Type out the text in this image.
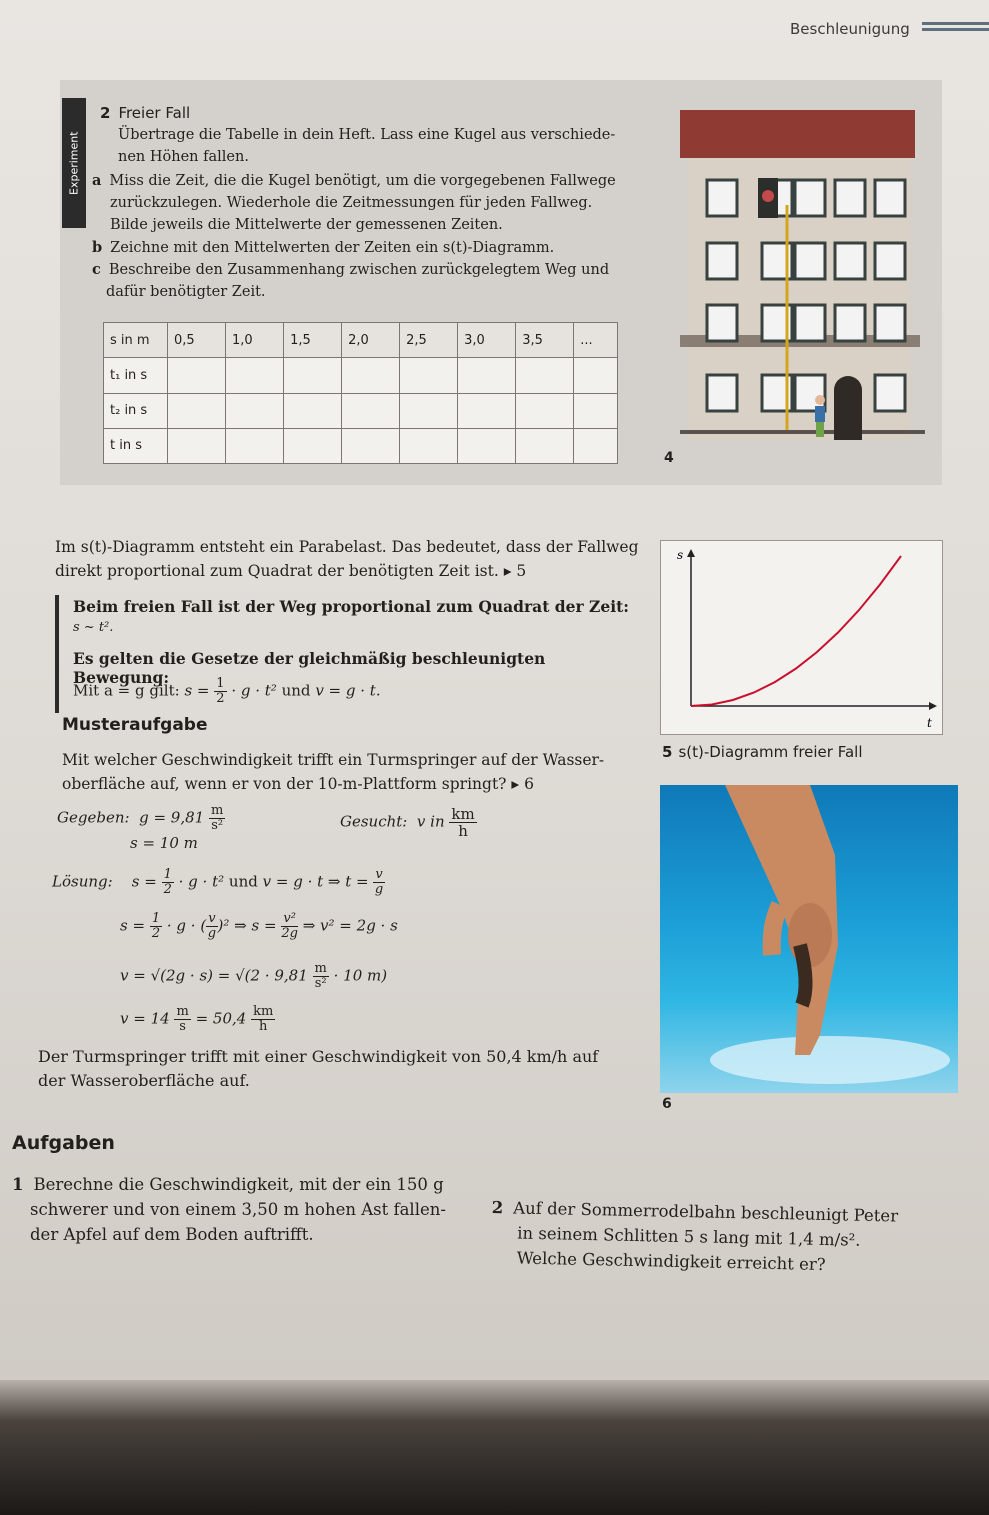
Beschleunigung
Experiment
2 Freier Fall
Übertrage die Tabelle in dein Heft. Lass eine Kugel aus verschiede-
nen Höhen fallen.
a Miss die Zeit, die die Kugel benötigt, um die vorgegebenen Fallwege
zurückzulegen. Wiederhole die Zeitmessungen für jeden Fallweg.
Bilde jeweils die Mittelwerte der gemessenen Zeiten.
b Zeichne mit den Mittelwerten der Zeiten ein s(t)-Diagramm.
c Beschreibe den Zusammenhang zwischen zurückgelegtem Weg und
dafür benötigter Zeit.
s in m	0,5	1,0	1,5	2,0	2,5	3,0	3,5	...
t₁ in s								
t₂ in s								
t in s								
4
Im s(t)-Diagramm entsteht ein Parabelast. Das bedeutet, dass der Fallweg
direkt proportional zum Quadrat der benötigten Zeit ist. ▸ 5
Beim freien Fall ist der Weg proportional zum Quadrat der Zeit:
s ~ t².
Es gelten die Gesetze der gleichmäßig beschleunigten Bewegung:
Mit a = g gilt: $s = \frac{1}{2} \cdot g \cdot t^2$ und v = g · t.
s
t
5 s(t)-Diagramm freier Fall
Musteraufgabe
Mit welcher Geschwindigkeit trifft ein Turmspringer auf der Wasser-
oberfläche auf, wenn er von der 10-m-Plattform springt? ▸ 6
Gegeben: $g = 9,81 \frac{m}{\text{s²}}$
s = 10 m
Gesucht: v in $\frac{km}{h}$
Lösung: $s = \frac{1}{2} \cdot g \cdot t^2$ und v = g · t ⇒ $t = \frac{v}{g}$
$s = \frac{1}{2} \cdot g$ · ( $\frac{v}{g} )^2$ ⇒ $s = \frac{\text{v²}}{2g}$ ⇒ v² = 2g · s
$v = √(2g \cdot s) = √(2 \cdot 9,81 \frac{m}{\text{s²}} \cdot 10$ m)
$v = 14 \frac{m}{s} = 50,4 \frac{km}{h}$
Der Turmspringer trifft mit einer Geschwindigkeit von 50,4 km/h auf
der Wasseroberfläche auf.
6
Aufgaben
1 Berechne die Geschwindigkeit, mit der ein 150 g
schwerer und von einem 3,50 m hohen Ast fallen-
der Apfel auf dem Boden auftrifft.
2 Auf der Sommerrodelbahn beschleunigt Peter
in seinem Schlitten 5 s lang mit 1,4 m/s².
Welche Geschwindigkeit erreicht er?
